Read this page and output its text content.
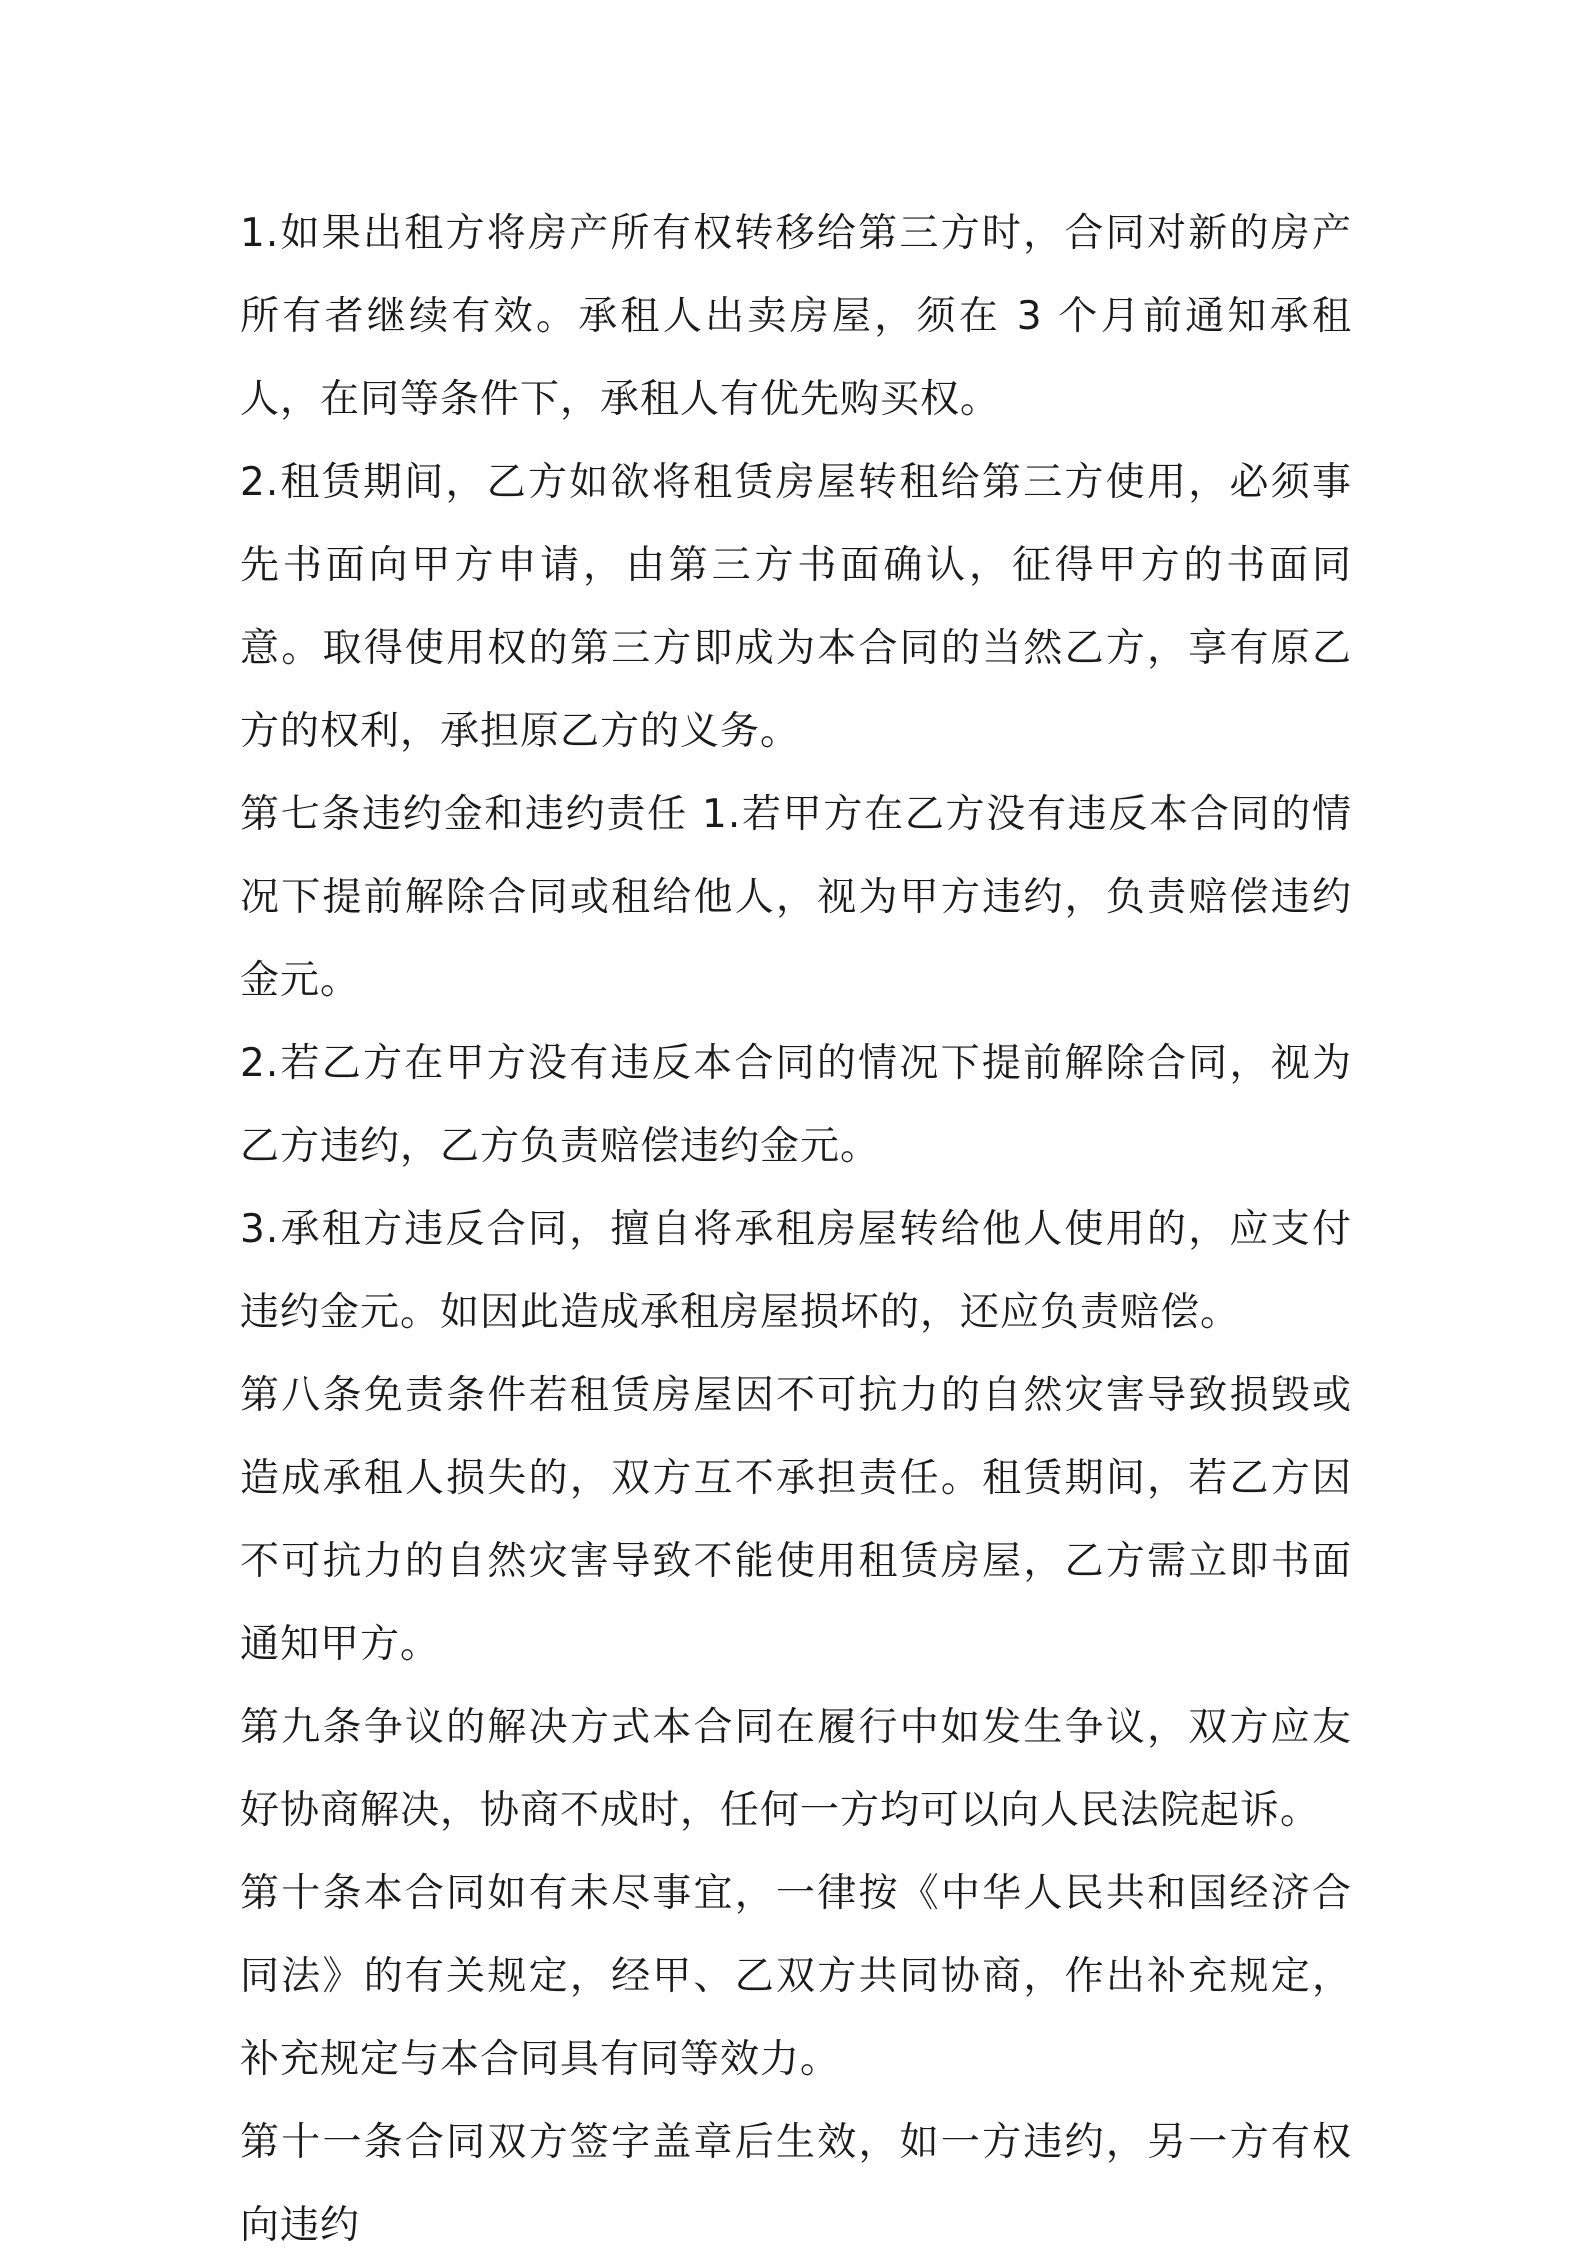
1.如果出租方将房产所有权转移给第三方时，合同对新的房产所有者继续有效。承租人出卖房屋，须在 3 个月前通知承租人，在同等条件下，承租人有优先购买权。

2.租赁期间，乙方如欲将租赁房屋转租给第三方使用，必须事先书面向甲方申请，由第三方书面确认，征得甲方的书面同意。取得使用权的第三方即成为本合同的当然乙方，享有原乙方的权利，承担原乙方的义务。

第七条违约金和违约责任 1.若甲方在乙方没有违反本合同的情况下提前解除合同或租给他人，视为甲方违约，负责赔偿违约金元。

2.若乙方在甲方没有违反本合同的情况下提前解除合同，视为乙方违约，乙方负责赔偿违约金元。

3.承租方违反合同，擅自将承租房屋转给他人使用的，应支付违约金元。如因此造成承租房屋损坏的，还应负责赔偿。

第八条免责条件若租赁房屋因不可抗力的自然灾害导致损毁或造成承租人损失的，双方互不承担责任。租赁期间，若乙方因不可抗力的自然灾害导致不能使用租赁房屋，乙方需立即书面通知甲方。

第九条争议的解决方式本合同在履行中如发生争议，双方应友好协商解决，协商不成时，任何一方均可以向人民法院起诉。

第十条本合同如有未尽事宜，一律按《中华人民共和国经济合同法》的有关规定，经甲、乙双方共同协商，作出补充规定，补充规定与本合同具有同等效力。

第十一条合同双方签字盖章后生效，如一方违约，另一方有权向违约
